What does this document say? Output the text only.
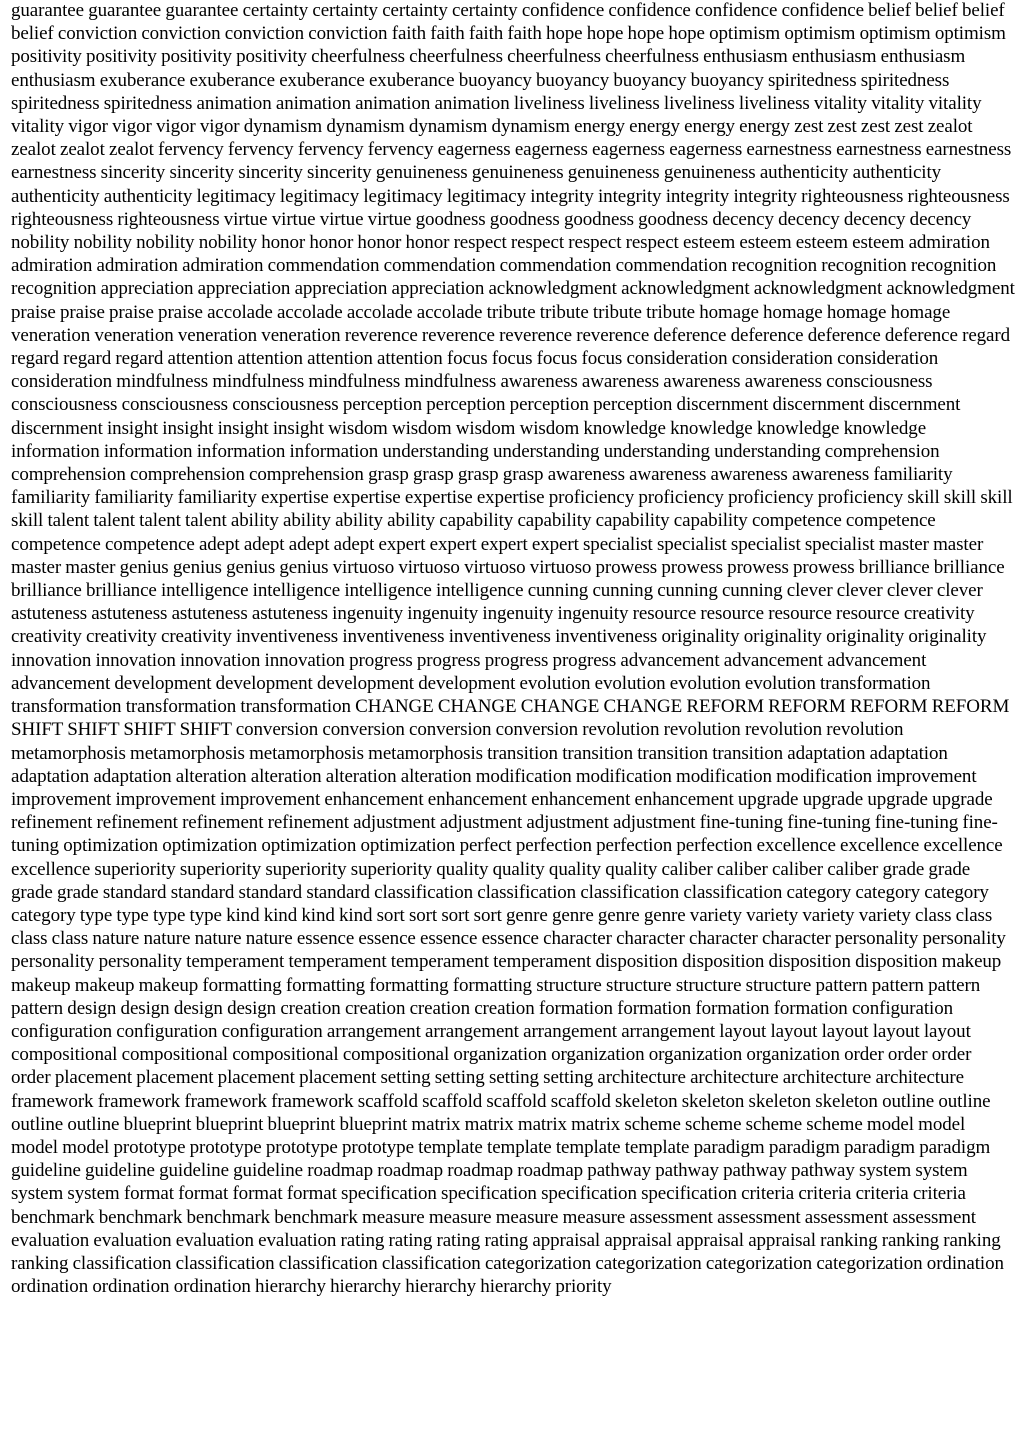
guarantee guarantee guarantee certainty certainty certainty certainty confidence confidence confidence confidence belief belief belief belief conviction conviction conviction conviction faith faith faith faith hope hope hope hope optimism optimism optimism optimism positivity positivity positivity positivity cheerfulness cheerfulness cheerfulness cheerfulness enthusiasm enthusiasm enthusiasm enthusiasm exuberance exuberance exuberance exuberance buoyancy buoyancy buoyancy buoyancy spiritedness spiritedness spiritedness spiritedness animation animation animation animation liveliness liveliness liveliness liveliness vitality vitality vitality vitality vigor vigor vigor vigor dynamism dynamism dynamism dynamism energy energy energy energy zest zest zest zest zealot zealot zealot zealot fervency fervency fervency fervency eagerness eagerness eagerness eagerness earnestness earnestness earnestness earnestness sincerity sincerity sincerity sincerity genuineness genuineness genuineness genuineness authenticity authenticity authenticity authenticity legitimacy legitimacy legitimacy legitimacy integrity integrity integrity integrity righteousness righteousness righteousness righteousness virtue virtue virtue virtue goodness goodness goodness goodness decency decency decency decency nobility nobility nobility nobility honor honor honor honor respect respect respect respect esteem esteem esteem esteem admiration admiration admiration admiration commendation commendation commendation commendation recognition recognition recognition recognition appreciation appreciation appreciation appreciation acknowledgment acknowledgment acknowledgment acknowledgment praise praise praise praise accolade accolade accolade accolade tribute tribute tribute tribute homage homage homage homage veneration veneration veneration veneration reverence reverence reverence reverence deference deference deference deference regard regard regard regard attention attention attention attention focus focus focus focus consideration consideration consideration consideration mindfulness mindfulness mindfulness mindfulness awareness awareness awareness awareness consciousness consciousness consciousness consciousness perception perception perception perception discernment discernment discernment discernment insight insight insight insight wisdom wisdom wisdom wisdom knowledge knowledge knowledge knowledge information information information information understanding understanding understanding understanding comprehension comprehension comprehension comprehension grasp grasp grasp grasp awareness awareness awareness awareness familiarity familiarity familiarity familiarity expertise expertise expertise expertise proficiency proficiency proficiency proficiency skill skill skill skill talent talent talent talent ability ability ability ability capability capability capability capability competence competence competence competence adept adept adept adept expert expert expert expert specialist specialist specialist specialist master master master master genius genius genius genius virtuoso virtuoso virtuoso virtuoso prowess prowess prowess prowess brilliance brilliance brilliance brilliance intelligence intelligence intelligence intelligence cunning cunning cunning cunning clever clever clever clever astuteness astuteness astuteness astuteness ingenuity ingenuity ingenuity ingenuity resource resource resource resource creativity creativity creativity creativity inventiveness inventiveness inventiveness inventiveness originality originality originality originality innovation innovation innovation innovation progress progress progress progress advancement advancement advancement advancement development development development development evolution evolution evolution evolution transformation transformation transformation transformation CHANGE CHANGE CHANGE CHANGE REFORM REFORM REFORM REFORM SHIFT SHIFT SHIFT SHIFT conversion conversion conversion conversion revolution revolution revolution revolution metamorphosis metamorphosis metamorphosis metamorphosis transition transition transition transition adaptation adaptation adaptation adaptation alteration alteration alteration alteration modification modification modification modification improvement improvement improvement improvement enhancement enhancement enhancement enhancement upgrade upgrade upgrade upgrade refinement refinement refinement refinement adjustment adjustment adjustment adjustment fine-tuning fine-tuning fine-tuning fine-tuning optimization optimization optimization optimization perfect perfection perfection perfection excellence excellence excellence excellence superiority superiority superiority superiority quality quality quality quality caliber caliber caliber caliber grade grade grade grade standard standard standard standard classification classification classification classification category category category category type type type type kind kind kind kind sort sort sort sort genre genre genre genre variety variety variety variety class class class class nature nature nature nature essence essence essence essence character character character character personality personality personality personality temperament temperament temperament temperament disposition disposition disposition disposition makeup makeup makeup makeup formatting formatting formatting formatting structure structure structure structure pattern pattern pattern pattern design design design design creation creation creation creation formation formation formation formation configuration configuration configuration configuration arrangement arrangement arrangement arrangement layout layout layout layout layout compositional compositional compositional compositional organization organization organization organization order order order order placement placement placement placement setting setting setting setting architecture architecture architecture architecture framework framework framework framework scaffold scaffold scaffold scaffold skeleton skeleton skeleton skeleton outline outline outline outline blueprint blueprint blueprint blueprint matrix matrix matrix matrix scheme scheme scheme scheme model model model model prototype prototype prototype prototype template template template template paradigm paradigm paradigm paradigm guideline guideline guideline guideline roadmap roadmap roadmap roadmap pathway pathway pathway pathway system system system system format format format format specification specification specification specification criteria criteria criteria criteria benchmark benchmark benchmark benchmark measure measure measure measure assessment assessment assessment assessment evaluation evaluation evaluation evaluation rating rating rating rating appraisal appraisal appraisal appraisal ranking ranking ranking ranking classification classification classification classification categorization categorization categorization categorization ordination ordination ordination ordination hierarchy hierarchy hierarchy hierarchy priority
